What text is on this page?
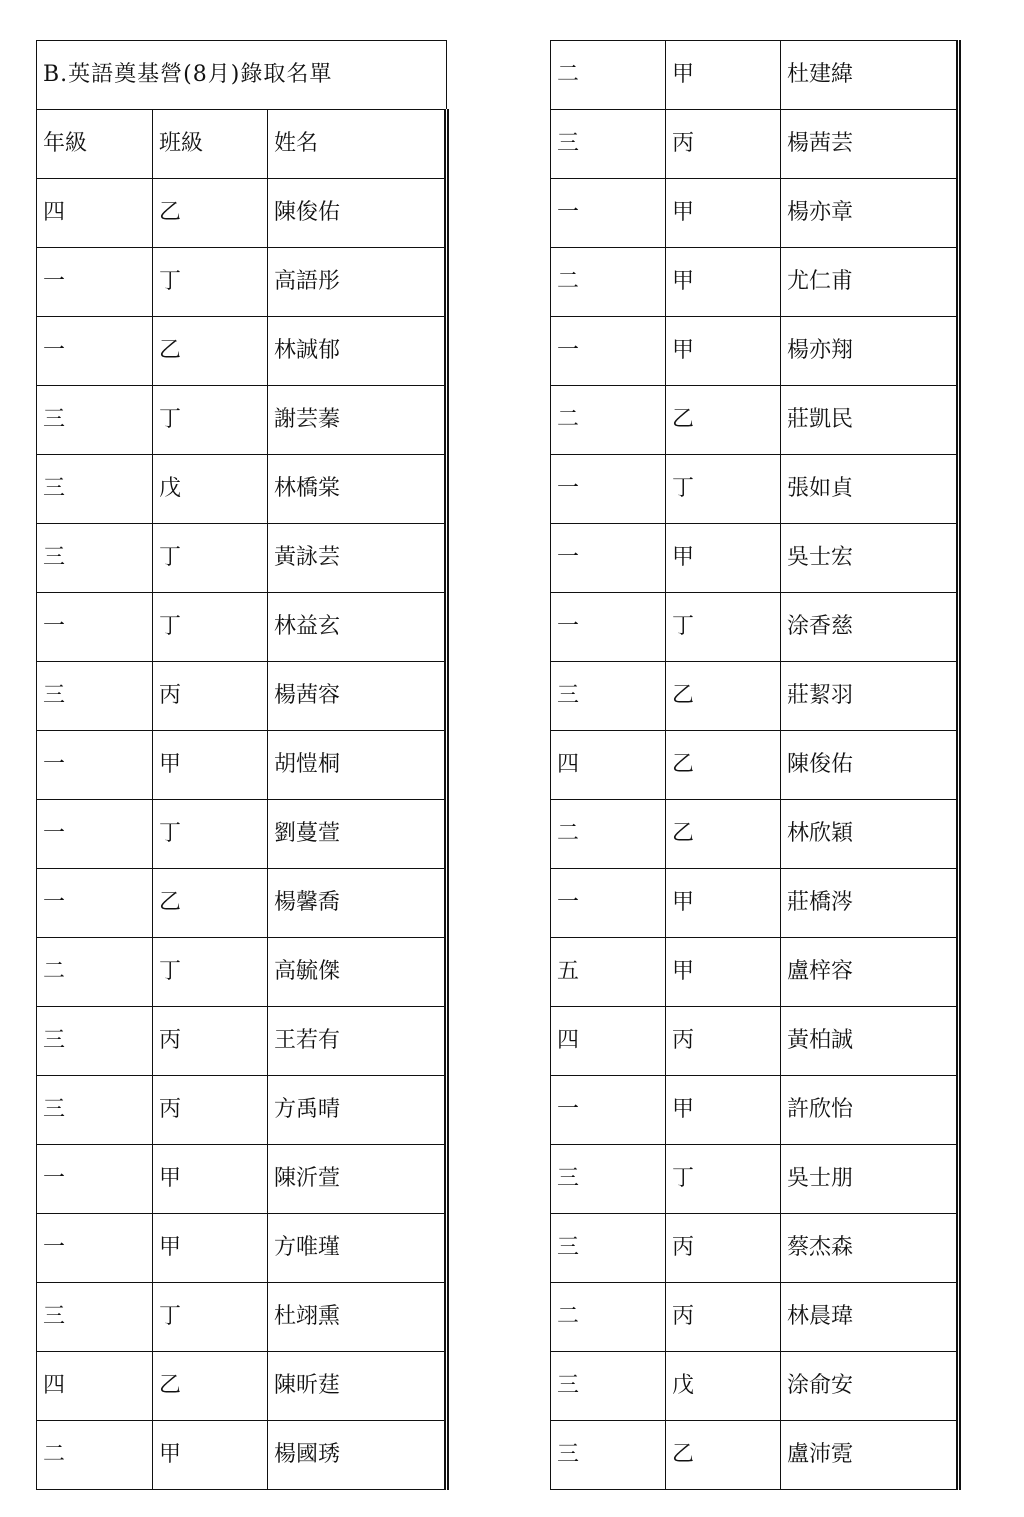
B.英語奠基營(8月)錄取名單		
年級	班級	姓名
四	乙	陳俊佑
一	丁	高語彤
一	乙	林誠郁
三	丁	謝芸蓁
三	戊	林橋棠
三	丁	黃詠芸
一	丁	林益玄
三	丙	楊茜容
一	甲	胡愷桐
一	丁	劉蔓萱
一	乙	楊馨喬
二	丁	高毓傑
三	丙	王若有
三	丙	方禹晴
一	甲	陳沂萱
一	甲	方唯瑾
三	丁	杜翊熏
四	乙	陳昕莛
二	甲	楊國琇
二	甲	杜建緯
三	丙	楊茜芸
一	甲	楊亦章
二	甲	尤仁甫
一	甲	楊亦翔
二	乙	莊凱民
一	丁	張如貞
一	甲	吳士宏
一	丁	涂香慈
三	乙	莊絜羽
四	乙	陳俊佑
二	乙	林欣穎
一	甲	莊橋涔
五	甲	盧梓容
四	丙	黃柏誠
一	甲	許欣怡
三	丁	吳士朋
三	丙	蔡杰森
二	丙	林晨瑋
三	戊	涂俞安
三	乙	盧沛霓
